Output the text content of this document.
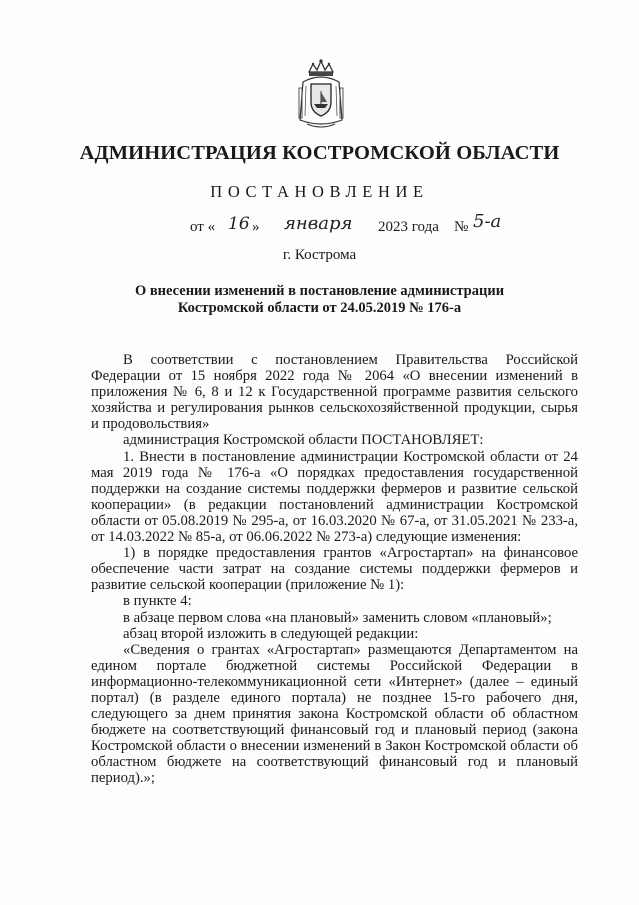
АДМИНИСТРАЦИЯ КОСТРОМСКОЙ ОБЛАСТИ
ПОСТАНОВЛЕНИЕ
от « 16 » января 2023 года № 5-а
г. Кострома
О внесении изменений в постановление администрации
Костромской области от 24.05.2019 № 176-а

В соответствии с постановлением Правительства Российской Федерации от 15 ноября 2022 года № 2064 «О внесении изменений в приложения № 6, 8 и 12 к Государственной программе развития сельского хозяйства и регулирования рынков сельскохозяйственной продукции, сырья и продовольствия»

администрация Костромской области ПОСТАНОВЛЯЕТ:

1. Внести в постановление администрации Костромской области от 24 мая 2019 года № 176-а «О порядках предоставления государственной поддержки на создание системы поддержки фермеров и развитие сельской кооперации» (в редакции постановлений администрации Костромской области от 05.08.2019 № 295-а, от 16.03.2020 № 67-а, от 31.05.2021 № 233-а, от 14.03.2022 № 85-а, от 06.06.2022 № 273-а) следующие изменения:

1) в порядке предоставления грантов «Агростартап» на финансовое обеспечение части затрат на создание системы поддержки фермеров и развитие сельской кооперации (приложение № 1):

в пункте 4:

в абзаце первом слова «на плановый» заменить словом «плановый»;

абзац второй изложить в следующей редакции:

«Сведения о грантах «Агростартап» размещаются Департаментом на едином портале бюджетной системы Российской Федерации в информационно-телекоммуникационной сети «Интернет» (далее – единый портал) (в разделе единого портала) не позднее 15-го рабочего дня, следующего за днем принятия закона Костромской области об областном бюджете на соответствующий финансовый год и плановый период (закона Костромской области о внесении изменений в Закон Костромской области об областном бюджете на соответствующий финансовый год и плановый период).»;
